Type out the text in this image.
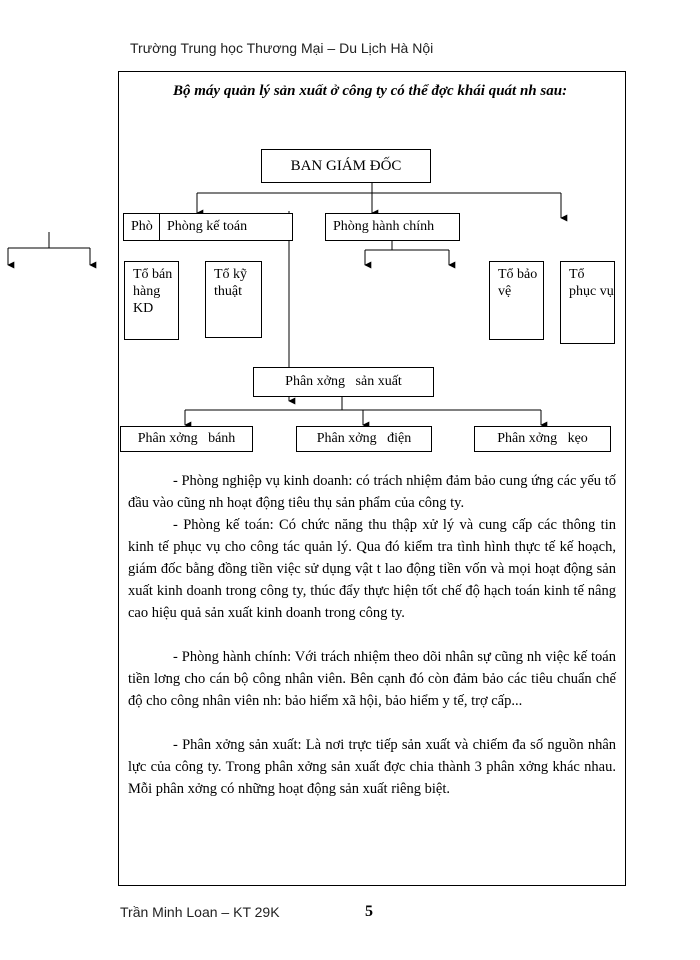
Trường Trung học Thương Mại – Du Lịch Hà Nội
Bộ máy quản lý sản xuất ở công ty có thể đợc khái quát nh sau:
BAN GIÁM ĐỐC
Phò Phòng kế toán	Phòng hành chính
Tổ bán hàng KD
Tổ kỹ thuật
Tổ bảo vệ
Tổ phục vụ
Phân xởng   sản xuất
Phân xởng   bánh	Phân xởng   điện	Phân xởng   kẹo
- Phòng nghiệp vụ kinh doanh: có trách nhiệm đảm bảo cung ứng các yếu tố đầu vào cũng nh hoạt động tiêu thụ sản phẩm của công ty.
- Phòng kế toán: Có chức năng thu thập xử lý và cung cấp các thông tin kinh tế phục vụ cho công tác quản lý. Qua đó kiểm tra tình hình thực tế kế hoạch, giám đốc bằng đồng tiền việc sử dụng vật t lao động tiền vốn và mọi hoạt động sản xuất kinh doanh trong công ty, thúc đẩy thực hiện tốt chế độ hạch toán kinh tế nâng cao hiệu quả sản xuất kinh doanh trong công ty.
- Phòng hành chính: Với trách nhiệm theo dõi nhân sự cũng nh việc kế toán tiền lơng cho cán bộ công nhân viên. Bên cạnh đó còn đảm bảo các tiêu chuẩn chế độ cho công nhân viên nh: bảo hiểm xã hội, bảo hiểm y tế, trợ cấp...
- Phân xởng sản xuất: Là nơi trực tiếp sản xuất và chiếm đa số nguồn nhân lực của công ty. Trong phân xởng sản xuất đợc chia thành 3 phân xởng khác nhau. Mỗi phân xởng có những hoạt động sản xuất riêng biệt.
Trần Minh Loan – KT 29K	5
